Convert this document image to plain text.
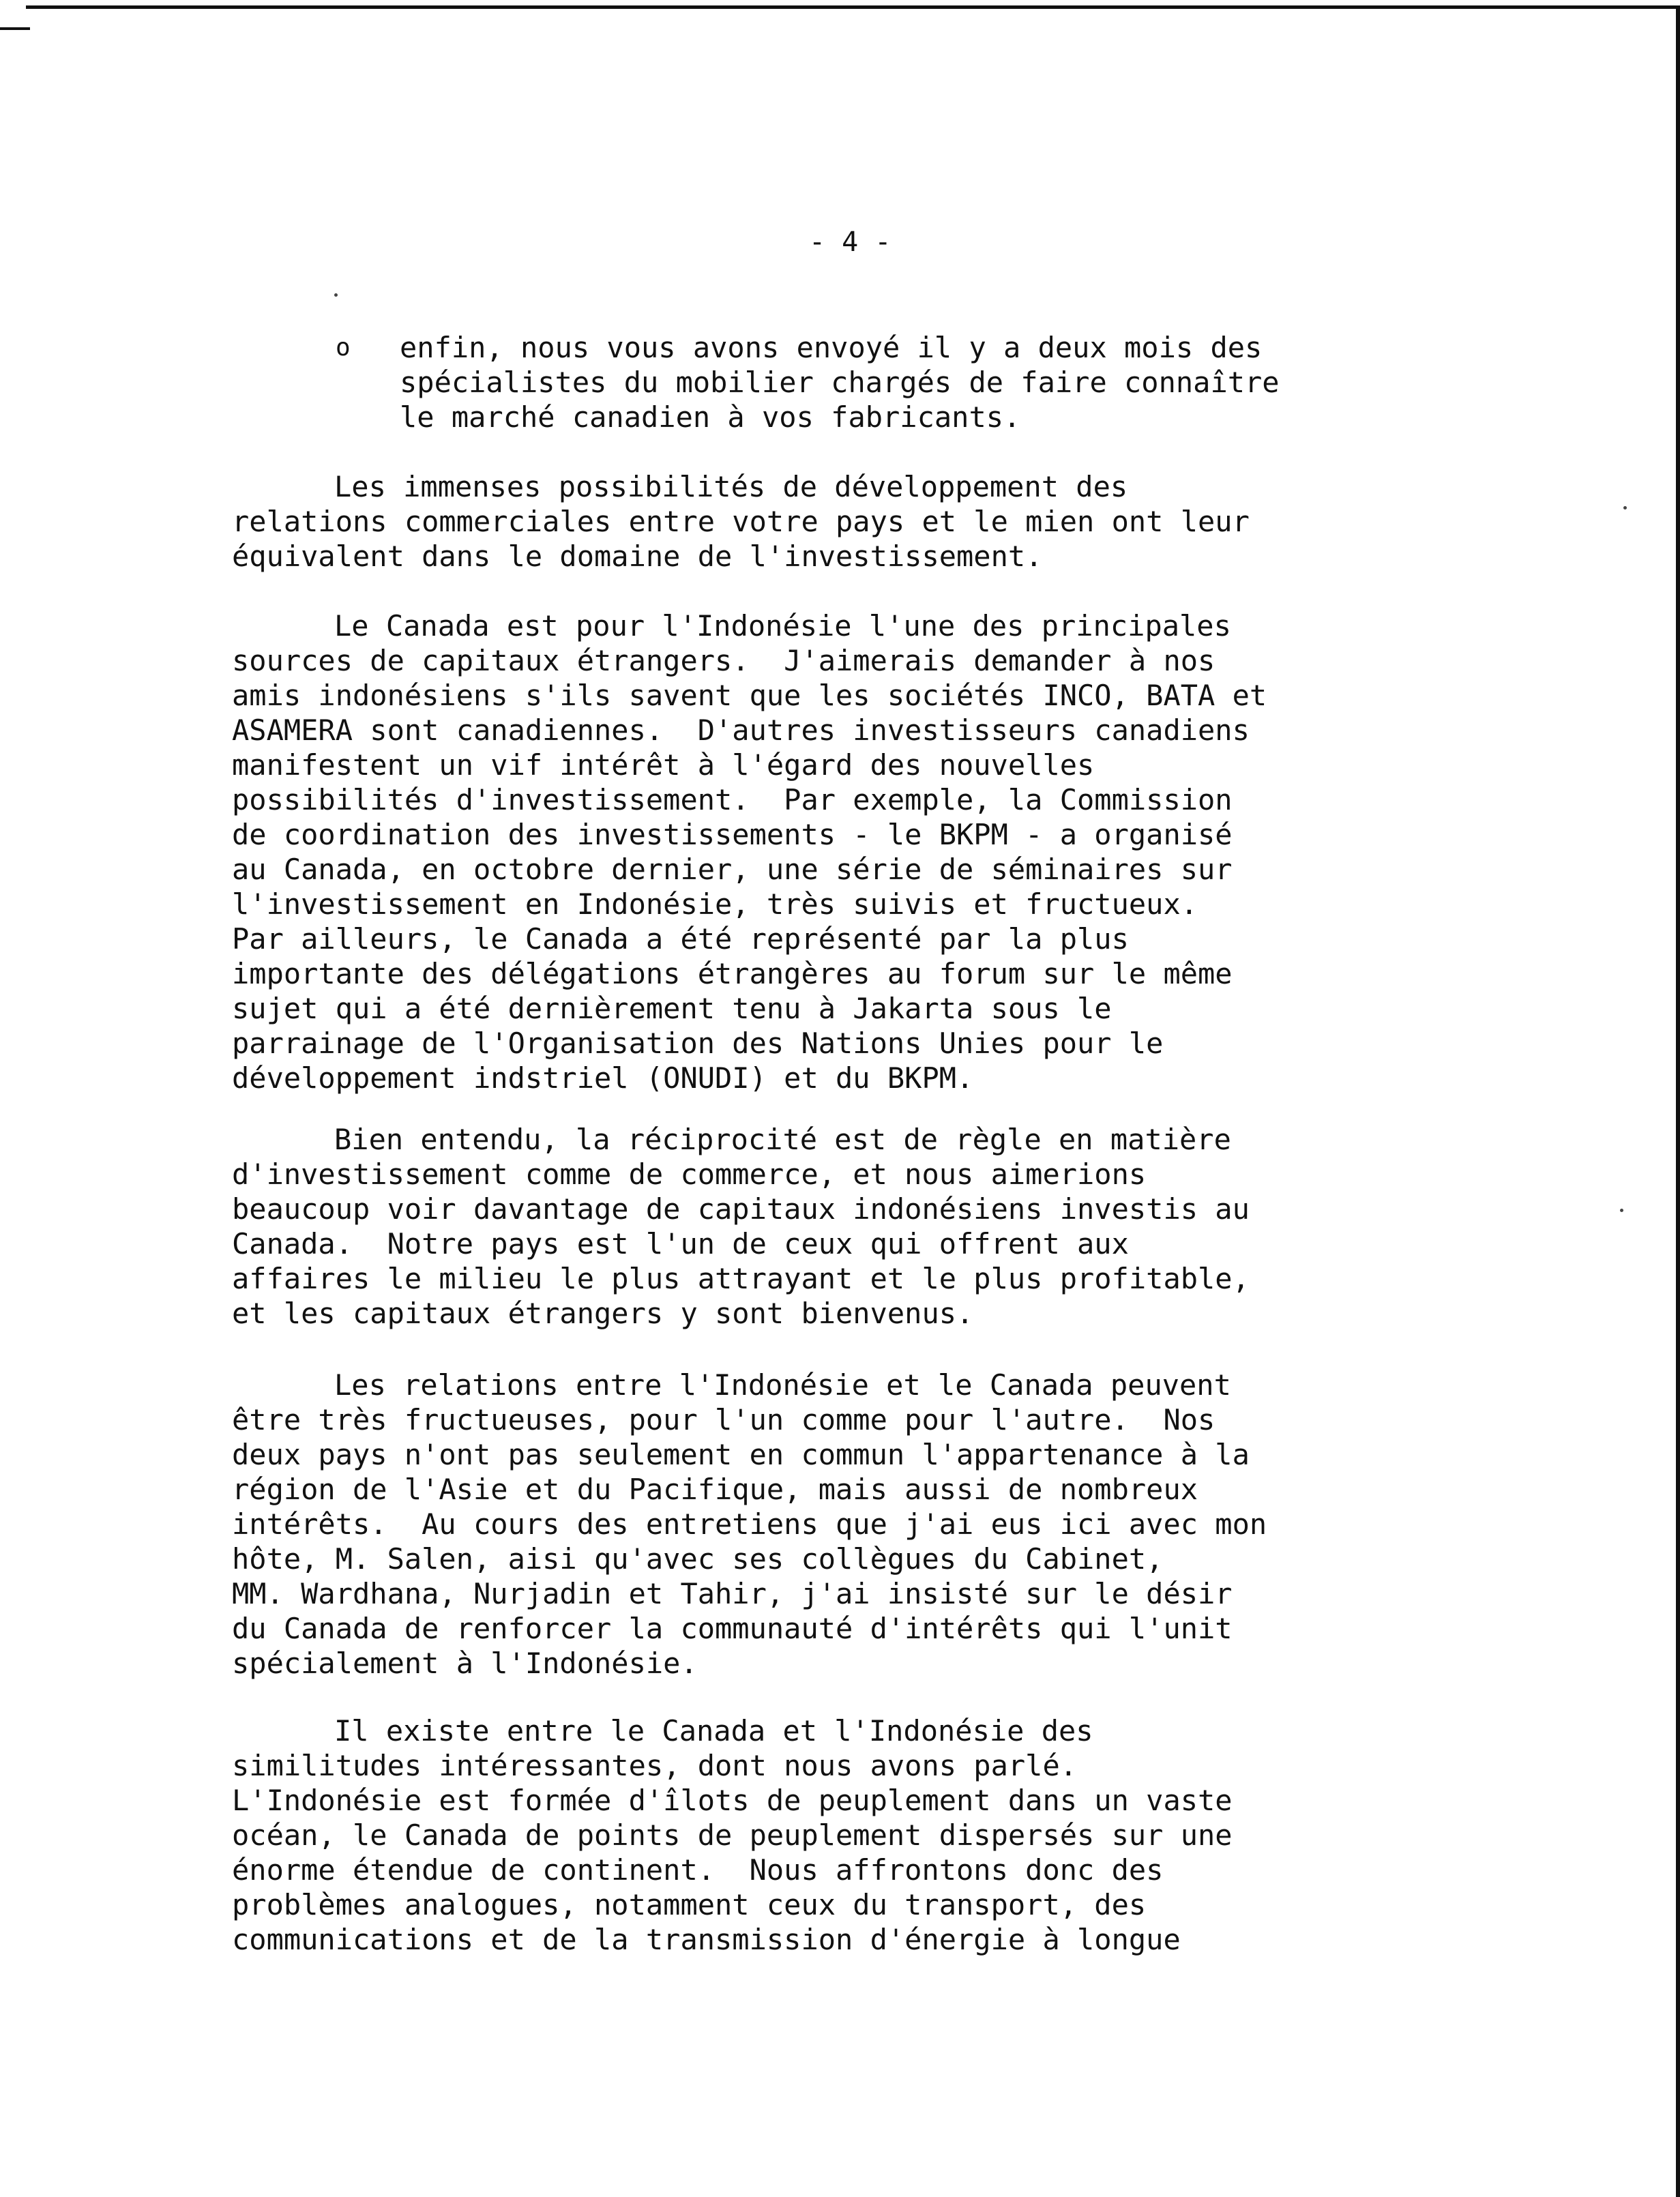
- 4 -
o enfin, nous vous avons envoyé il y a deux mois des
spécialistes du mobilier chargés de faire connaître
le marché canadien à vos fabricants.
Les immenses possibilités de développement des
relations commerciales entre votre pays et le mien ont leur
équivalent dans le domaine de l'investissement.
Le Canada est pour l'Indonésie l'une des principales
sources de capitaux étrangers.  J'aimerais demander à nos
amis indonésiens s'ils savent que les sociétés INCO, BATA et
ASAMERA sont canadiennes.  D'autres investisseurs canadiens
manifestent un vif intérêt à l'égard des nouvelles
possibilités d'investissement.  Par exemple, la Commission
de coordination des investissements - le BKPM - a organisé
au Canada, en octobre dernier, une série de séminaires sur
l'investissement en Indonésie, très suivis et fructueux.
Par ailleurs, le Canada a été représenté par la plus
importante des délégations étrangères au forum sur le même
sujet qui a été dernièrement tenu à Jakarta sous le
parrainage de l'Organisation des Nations Unies pour le
développement indstriel (ONUDI) et du BKPM.
Bien entendu, la réciprocité est de règle en matière
d'investissement comme de commerce, et nous aimerions
beaucoup voir davantage de capitaux indonésiens investis au
Canada.  Notre pays est l'un de ceux qui offrent aux
affaires le milieu le plus attrayant et le plus profitable,
et les capitaux étrangers y sont bienvenus.
Les relations entre l'Indonésie et le Canada peuvent
être très fructueuses, pour l'un comme pour l'autre.  Nos
deux pays n'ont pas seulement en commun l'appartenance à la
région de l'Asie et du Pacifique, mais aussi de nombreux
intérêts.  Au cours des entretiens que j'ai eus ici avec mon
hôte, M. Salen, aisi qu'avec ses collègues du Cabinet,
MM. Wardhana, Nurjadin et Tahir, j'ai insisté sur le désir
du Canada de renforcer la communauté d'intérêts qui l'unit
spécialement à l'Indonésie.
Il existe entre le Canada et l'Indonésie des
similitudes intéressantes, dont nous avons parlé.
L'Indonésie est formée d'îlots de peuplement dans un vaste
océan, le Canada de points de peuplement dispersés sur une
énorme étendue de continent.  Nous affrontons donc des
problèmes analogues, notamment ceux du transport, des
communications et de la transmission d'énergie à longue
